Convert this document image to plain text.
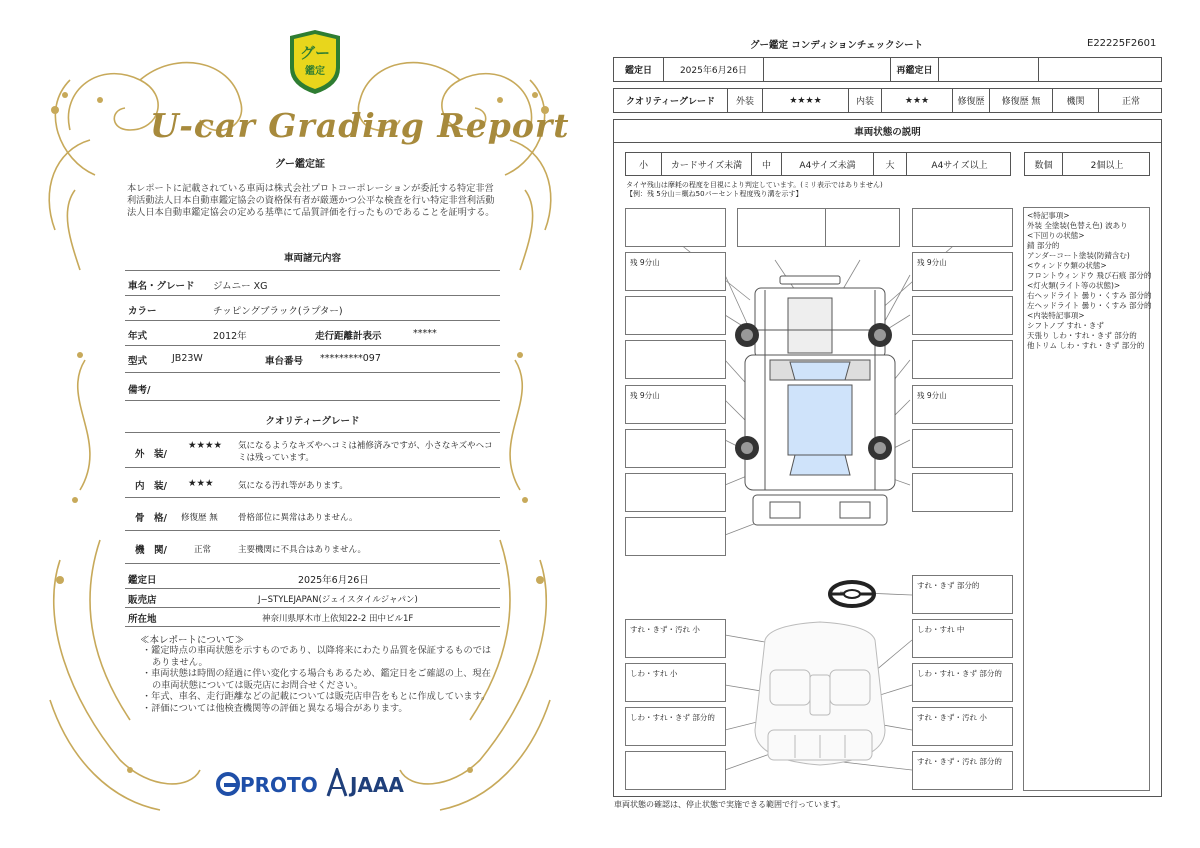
グー
鑑定
U-car Grading Report
グー鑑定証
本レポートに記載されている車両は株式会社プロトコーポレーションが委託する特定非営利活動法人日本自動車鑑定協会の資格保有者が厳選かつ公平な検査を行い特定非営利活動法人日本自動車鑑定協会の定める基準にて品質評価を行ったものであることを証明する。
車両諸元内容
車名・グレード ジムニー XG
カラー	チッピングブラック(ラプター)
年式	2012年	走行距離計表示	*****
型式	JB23W	車台番号 *********097
備考/
クオリティーグレード
外　装/
★★★★ 気になるようなキズやヘコミは補修済みですが、小さなキズやヘコミは残っています。
内　装/ ★★★	気になる汚れ等があります。
骨　格/ 修復歴 無 骨格部位に異常はありません。
機　関/	正常	主要機関に不具合はありません。
鑑定日	2025年6月26日
販売店	J−STYLEJAPAN(ジェイスタイルジャパン)
所在地	神奈川県厚木市上依知22-2 田中ビル1F
≪本レポートについて≫
・鑑定時点の車両状態を示すものであり、以降将来にわたり品質を保証するものではありません。
・車両状態は時間の経過に伴い変化する場合もあるため、鑑定日をご確認の上、現在の車両状態については販売店にお問合せください。
・年式、車名、走行距離などの記載については販売店申告をもとに作成しています。
・評価については他検査機関等の評価と異なる場合があります。
PROTO JAAA
グー鑑定 コンディションチェックシート	E22225F2601
鑑定日	2025年6月26日	再鑑定日
クオリティーグレード	外装	★★★★	内装	★★★	修復歴	修復歴 無	機関	正常
車両状態の説明
小	カードサイズ未満	中	A4サイズ未満	大	A4サイズ以上	数個	2個以上
タイヤ残山は摩耗の程度を目視により判定しています。(ミリ表示ではありません)
【例：残 5分山＝概ね50パーセント程度残り溝を示す】

<特記事項>

外装 全塗装(色替え色) 波あり

<下回りの状態>

錆 部分的

アンダーコート塗装(防錆含む)

<ウィンドウ類の状態>

フロントウィンドウ 飛び石痕 部分的

<灯火類(ライト等の状態)>

右ヘッドライト 曇り・くすみ 部分的

左ヘッドライト 曇り・くすみ 部分的

<内装特記事項>

シフトノブ すれ・きず

天張り しわ・すれ・きず 部分的

他トリム しわ・すれ・きず 部分的

残 9分山	残 9分山
残 9分山	残 9分山
すれ・きず 部分的
すれ・きず・汚れ 小	しわ・すれ 中
しわ・すれ 小	しわ・すれ・きず 部分的
しわ・すれ・きず 部分的	すれ・きず・汚れ 小
すれ・きず・汚れ 部分的
車両状態の確認は、停止状態で実施できる範囲で行っています。
